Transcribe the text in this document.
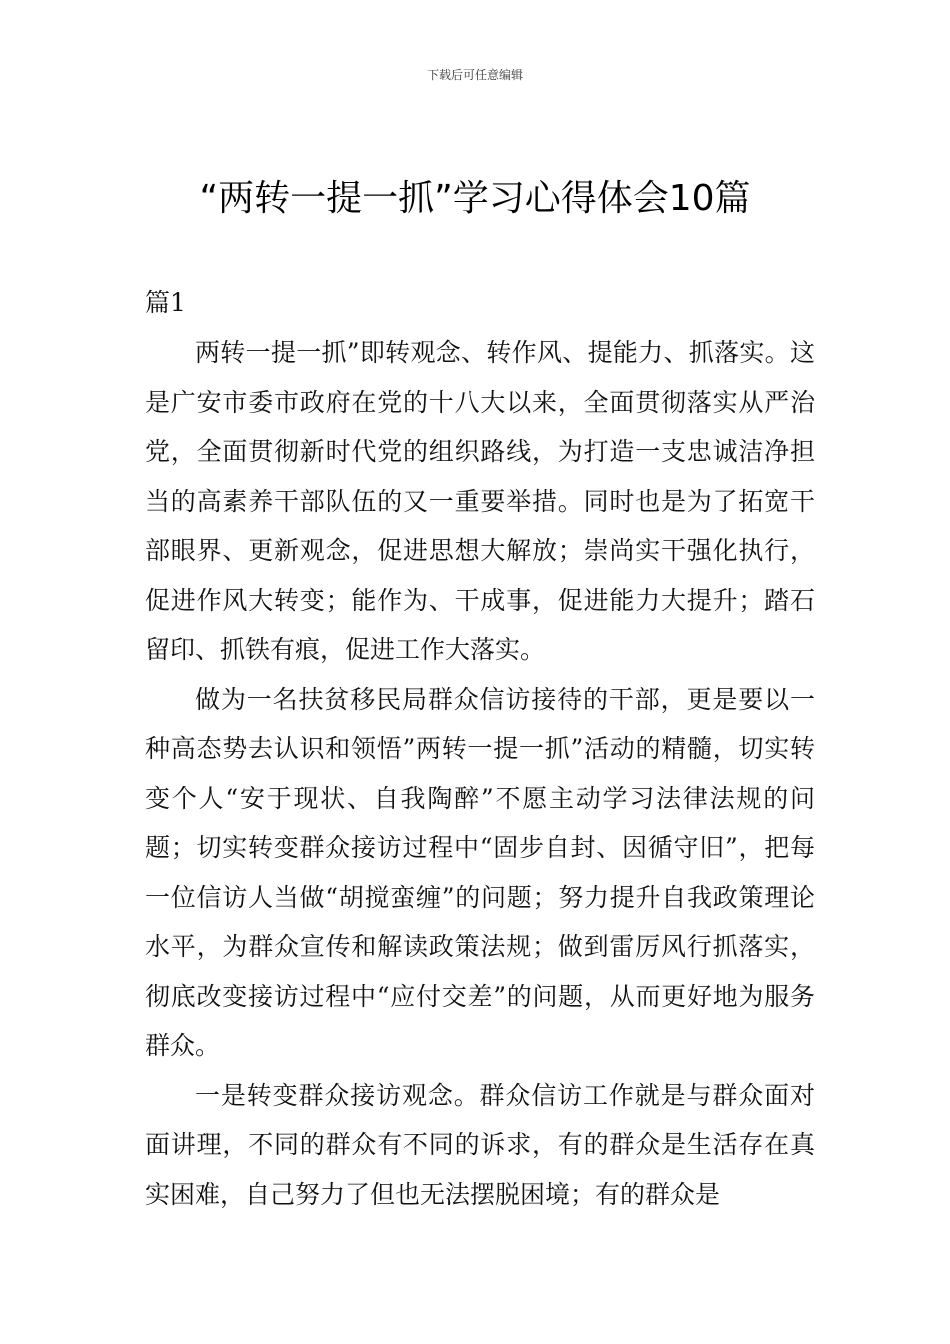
下载后可任意编辑
“两转一提一抓”学习心得体会10篇
篇1

两转一提一抓”即转观念、转作风、提能力、抓落实。这是广安市委市政府在党的十八大以来，全面贯彻落实从严治党，全面贯彻新时代党的组织路线，为打造一支忠诚洁净担当的高素养干部队伍的又一重要举措。同时也是为了拓宽干部眼界、更新观念，促进思想大解放；崇尚实干强化执行，促进作风大转变；能作为、干成事，促进能力大提升；踏石留印、抓铁有痕，促进工作大落实。

做为一名扶贫移民局群众信访接待的干部，更是要以一种高态势去认识和领悟”两转一提一抓”活动的精髓，切实转变个人“安于现状、自我陶醉”不愿主动学习法律法规的问题；切实转变群众接访过程中“固步自封、因循守旧”，把每一位信访人当做“胡搅蛮缠”的问题；努力提升自我政策理论水平，为群众宣传和解读政策法规；做到雷厉风行抓落实，彻底改变接访过程中“应付交差”的问题，从而更好地为服务群众。

一是转变群众接访观念。群众信访工作就是与群众面对面讲理，不同的群众有不同的诉求，有的群众是生活存在真实困难，自己努力了但也无法摆脱困境；有的群众是
